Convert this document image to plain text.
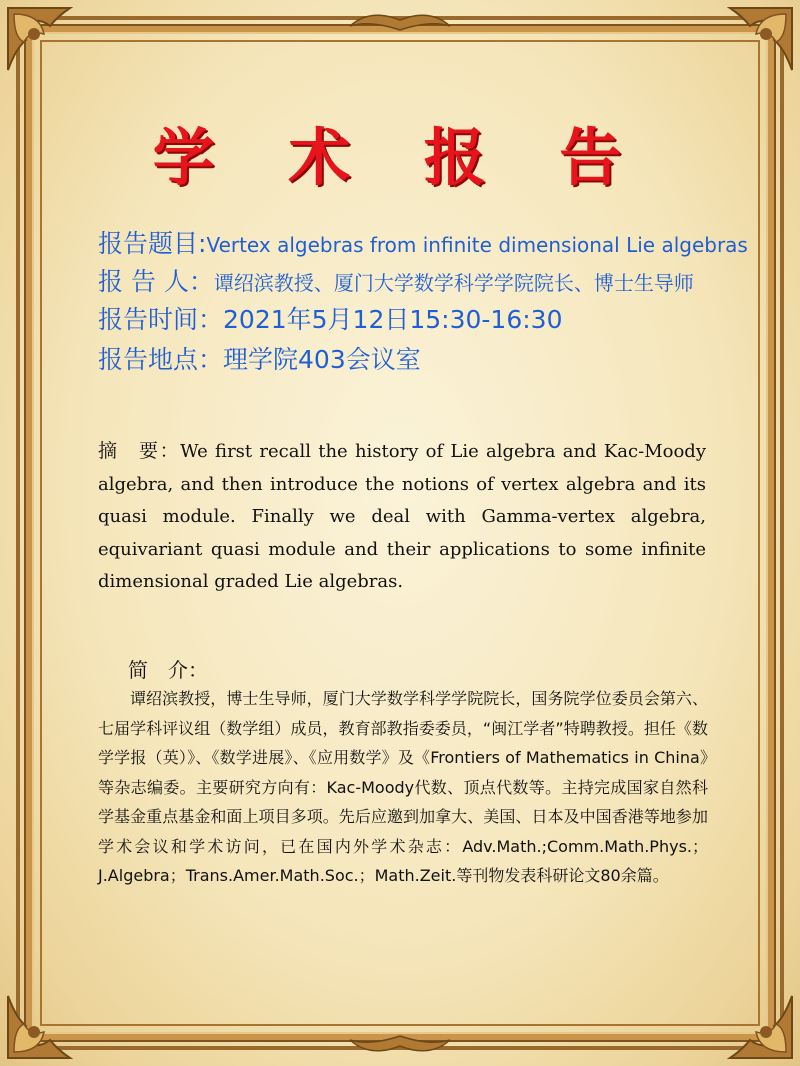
学 术 报 告
报告题目:Vertex algebras from infinite dimensional Lie algebras
报 告 人：谭绍滨教授、厦门大学数学科学学院院长、博士生导师
报告时间：2021年5月12日15:30-16:30
报告地点：理学院403会议室
摘　要：We first recall the history of Lie algebra and Kac-Moody algebra, and then introduce the notions of vertex algebra and its quasi module. Finally we deal with Gamma-vertex algebra, equivariant quasi module and their applications to some infinite dimensional graded Lie algebras.
简　介：
谭绍滨教授，博士生导师，厦门大学数学科学学院院长，国务院学位委员会第六、七届学科评议组（数学组）成员，教育部教指委委员，“闽江学者”特聘教授。担任《数学学报（英）》、《数学进展》、《应用数学》及《Frontiers of Mathematics in China》等杂志编委。主要研究方向有：Kac-Moody代数、顶点代数等。主持完成国家自然科学基金重点基金和面上项目多项。先后应邀到加拿大、美国、日本及中国香港等地参加学术会议和学术访问，已在国内外学术杂志：Adv.Math.;Comm.Math.Phys.；J.Algebra；Trans.Amer.Math.Soc.；Math.Zeit.等刊物发表科研论文80余篇。
